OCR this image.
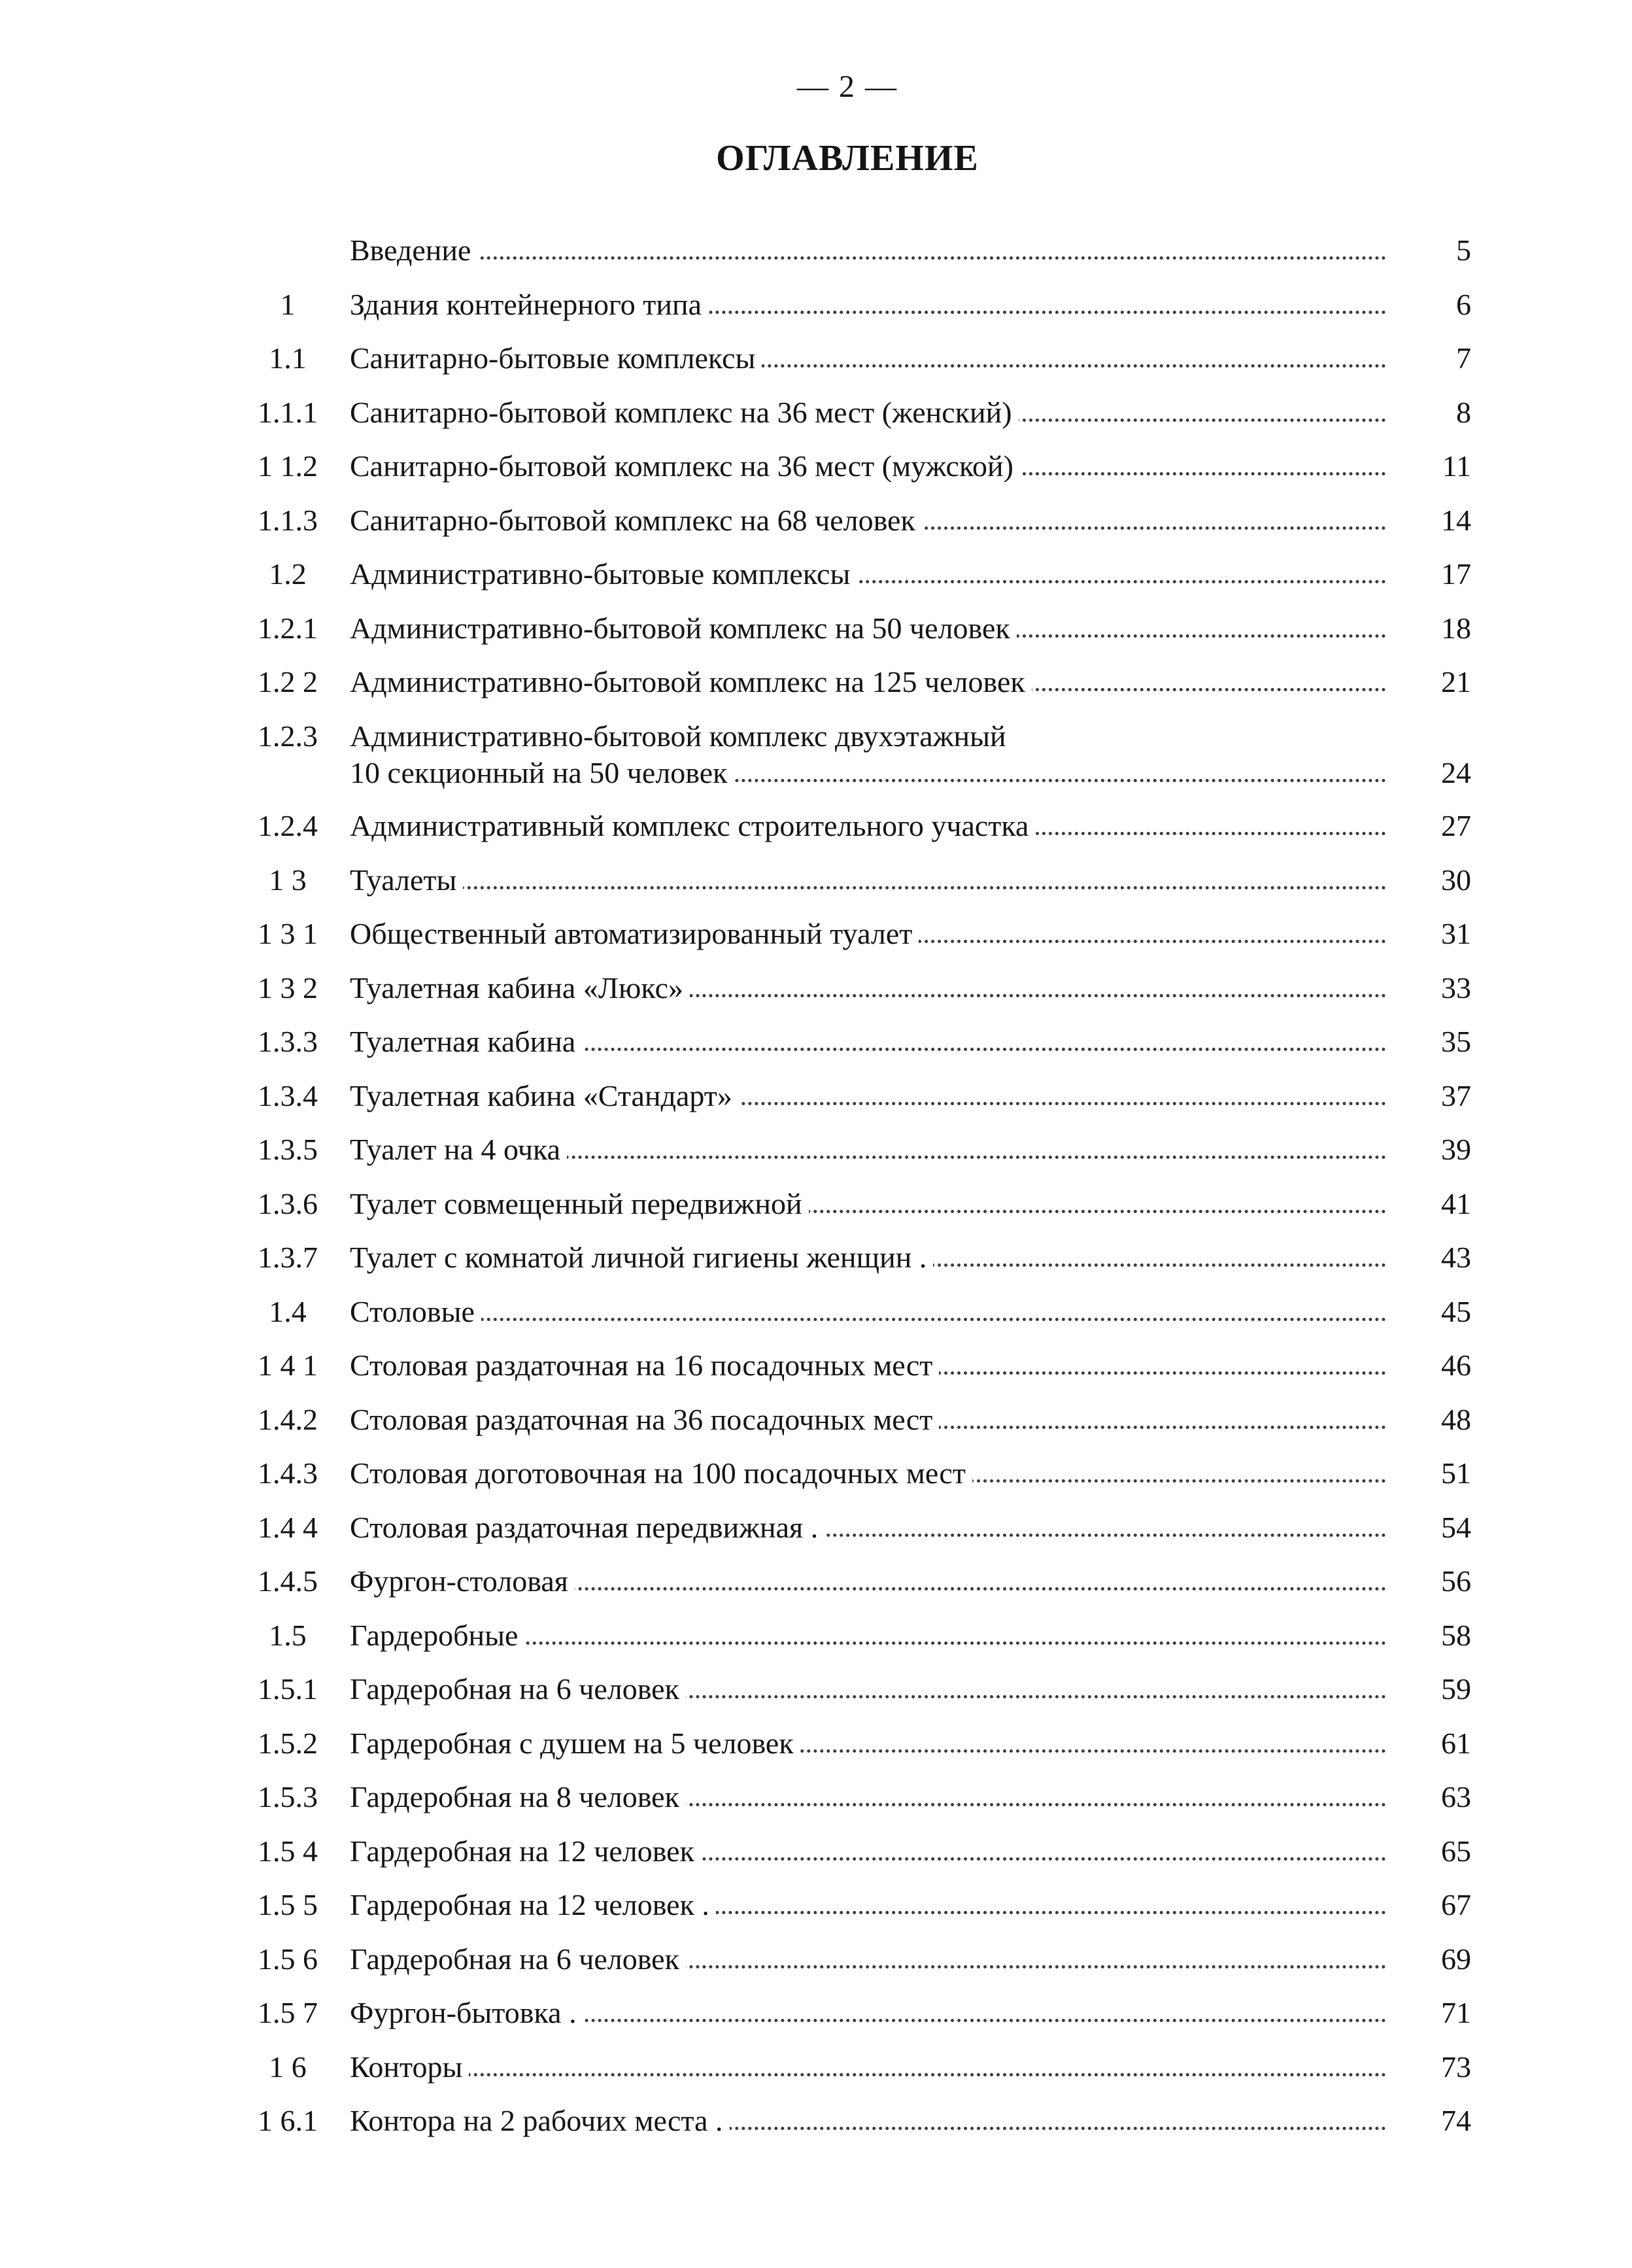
— 2 —
ОГЛАВЛЕНИЕ
Введение	5
1	Здания контейнерного типа	6
1.1	Санитарно-бытовые комплексы	7
1.1.1	Санитарно-бытовой комплекс на 36 мест (женский)	8
1 1.2	Санитарно-бытовой комплекс на 36 мест (мужской)	11
1.1.3	Санитарно-бытовой комплекс на 68 человек	14
1.2	Административно-бытовые комплексы	17
1.2.1	Административно-бытовой комплекс на 50 человек	18
1.2 2	Административно-бытовой комплекс на 125 человек	21
1.2.3	Административно-бытовой комплекс двухэтажный
10 секционный на 50 человек	24
1.2.4	Административный комплекс строительного участка	27
1 3	Туалеты	30
1 3 1	Общественный автоматизированный туалет	31
1 3 2	Туалетная кабина «Люкс»	33
1.3.3	Туалетная кабина	35
1.3.4	Туалетная кабина «Стандарт»	37
1.3.5	Туалет на 4 очка	39
1.3.6	Туалет совмещенный передвижной	41
1.3.7	Туалет с комнатой личной гигиены женщин .	43
1.4	Столовые	45
1 4 1	Столовая раздаточная на 16 посадочных мест	46
1.4.2	Столовая раздаточная на 36 посадочных мест	48
1.4.3	Столовая доготовочная на 100 посадочных мест	51
1.4 4	Столовая раздаточная передвижная .	54
1.4.5	Фургон-столовая	56
1.5	Гардеробные	58
1.5.1	Гардеробная на 6 человек	59
1.5.2	Гардеробная с душем на 5 человек	61
1.5.3	Гардеробная на 8 человек	63
1.5 4	Гардеробная на 12 человек	65
1.5 5	Гардеробная на 12 человек .	67
1.5 6	Гардеробная на 6 человек	69
1.5 7	Фургон-бытовка .	71
1 6	Конторы	73
1 6.1	Контора на 2 рабочих места .	74
